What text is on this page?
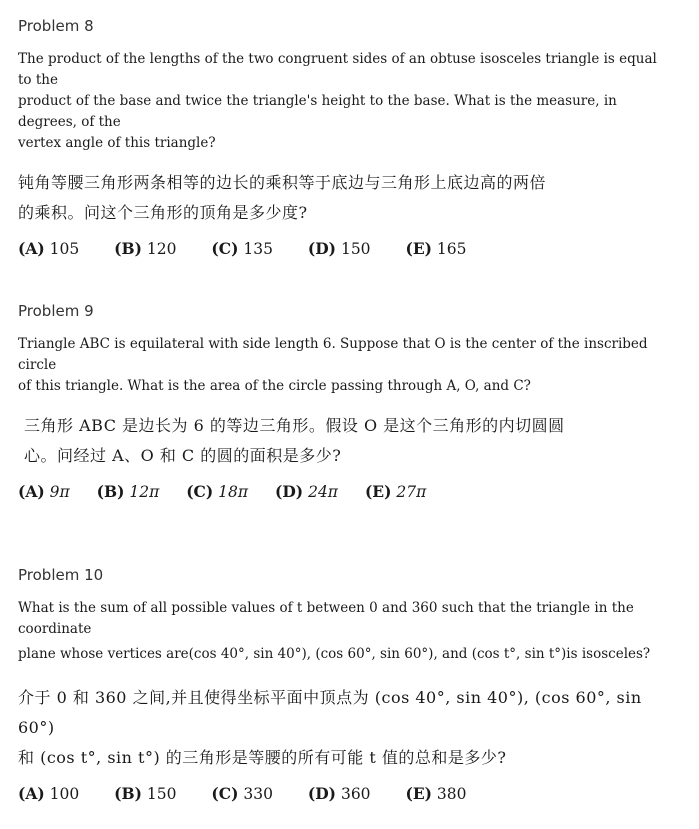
Problem 8

The product of the lengths of the two congruent sides of an obtuse isosceles triangle is equal to the

product of the base and twice the triangle's height to the base. What is the measure, in degrees, of the

vertex angle of this triangle?

钝角等腰三角形两条相等的边长的乘积等于底边与三角形上底边高的两倍

的乘积。问这个三角形的顶角是多少度?

(A) 105 (B) 120 (C) 135 (D) 150 (E) 165

Problem 9

Triangle ABC is equilateral with side length 6. Suppose that O is the center of the inscribed circle

of this triangle. What is the area of the circle passing through A, O, and C?

三角形 ABC 是边长为 6 的等边三角形。假设 O 是这个三角形的内切圆圆

心。问经过 A、O 和 C 的圆的面积是多少?

(A) 9π (B) 12π (C) 18π (D) 24π (E) 27π

Problem 10

What is the sum of all possible values of t between 0 and 360 such that the triangle in the coordinate

plane whose vertices are(cos 40°, sin 40°), (cos 60°, sin 60°), and (cos t°, sin t°)is isosceles?

介于 0 和 360 之间,并且使得坐标平面中顶点为 (cos 40°, sin 40°), (cos 60°, sin 60°)

和 (cos t°, sin t°) 的三角形是等腰的所有可能 t 值的总和是多少?

(A) 100 (B) 150 (C) 330 (D) 360 (E) 380
